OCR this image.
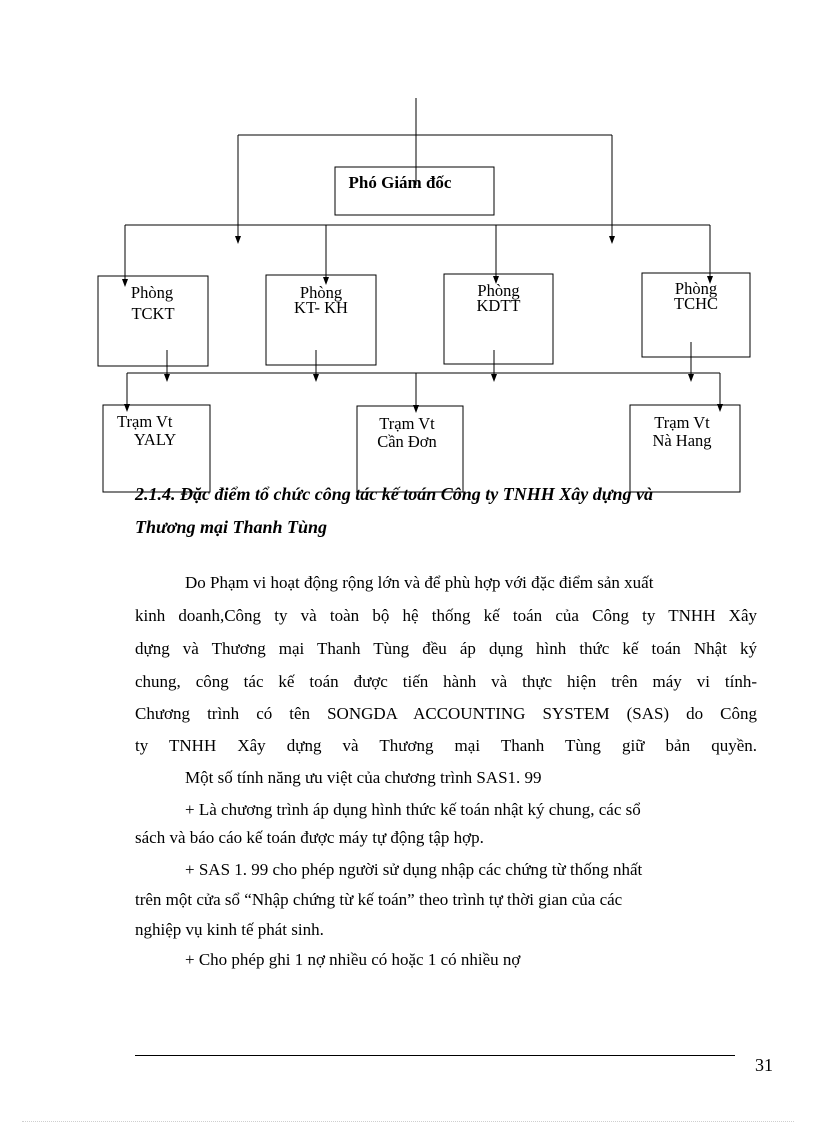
Phó Giám đốc
Phòng
TCKT
Phòng
KT- KH
Phòng
KDTT
Phòng
TCHC
Trạm Vt
YALY
Trạm Vt
Cần Đơn
Trạm Vt
Nà Hang
2.1.4. Đặc điểm tổ chức công tác kế toán Công ty TNHH Xây dựng và
Thương mại Thanh Tùng
Do Phạm vi hoạt động rộng lớn và để phù hợp với đặc điểm sản xuất
kinh doanh,Công ty và toàn bộ hệ thống kế toán của Công ty TNHH Xây
dựng và Thương mại Thanh Tùng đều áp dụng hình thức kế toán Nhật ký
chung, công tác kế toán được tiến hành và thực hiện trên máy vi tính-
Chương trình có tên SONGDA ACCOUNTING SYSTEM (SAS) do Công
ty TNHH Xây dựng và Thương mại Thanh Tùng giữ bản quyền.
Một số tính năng ưu việt của chương trình SAS1. 99
+ Là chương trình áp dụng hình thức kế toán nhật ký chung, các sổ
sách và báo cáo kế toán được máy tự động tập hợp.
+ SAS 1. 99 cho phép người sử dụng nhập các chứng từ thống nhất
trên một cửa sổ “Nhập chứng từ kế toán” theo trình tự thời gian của các
nghiệp vụ kinh tế phát sinh.
+ Cho phép ghi 1 nợ nhiều có hoặc 1 có nhiều nợ
31
